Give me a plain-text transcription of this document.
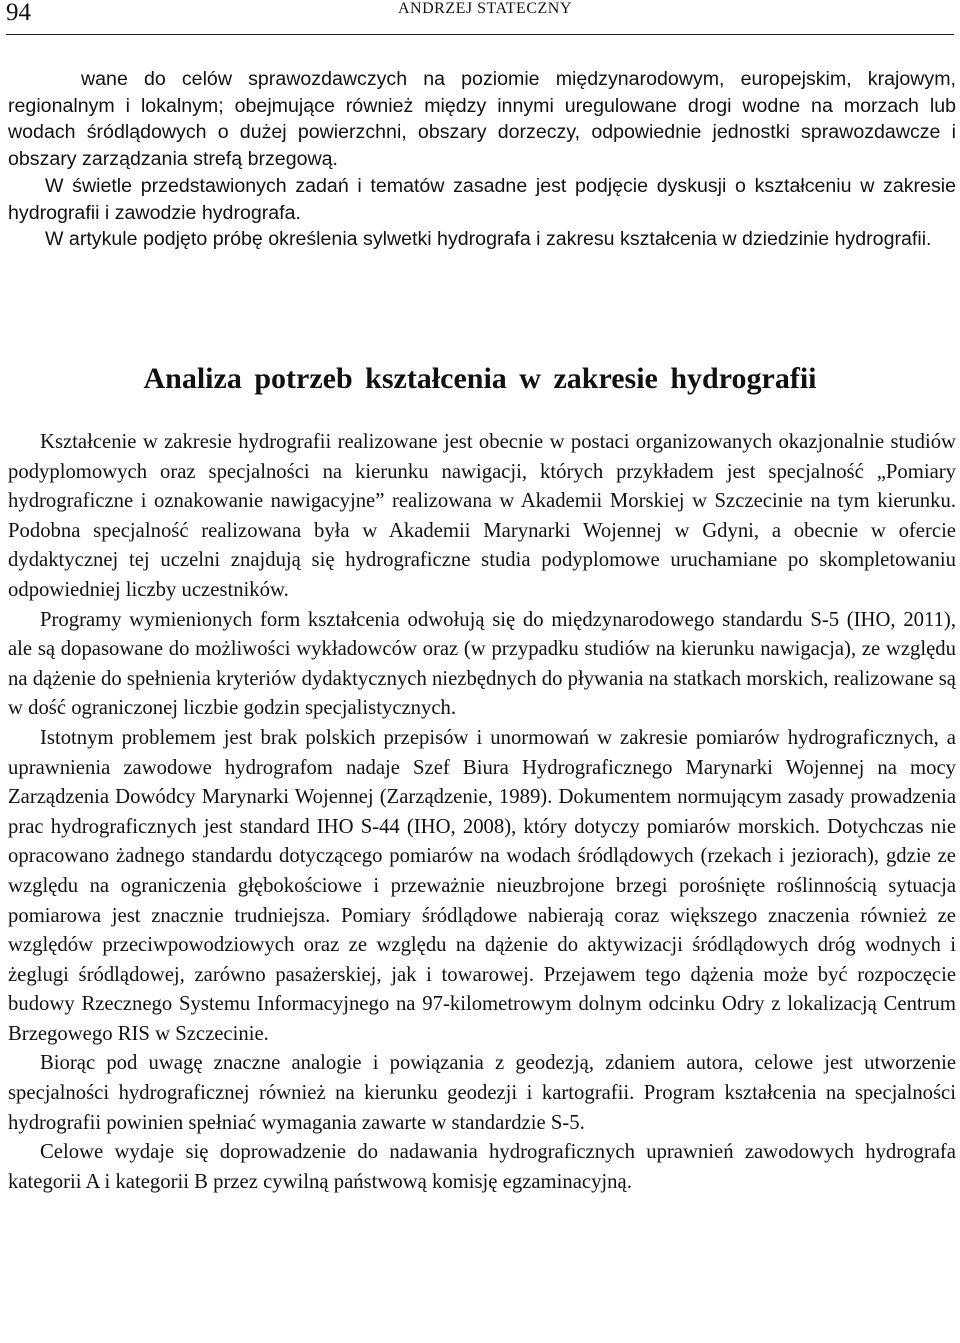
94	ANDRZEJ STATECZNY

wane do celów sprawozdawczych na poziomie międzynarodowym, europejskim, krajowym, regionalnym i lokalnym; obejmujące również między innymi uregulowane drogi wodne na morzach lub wodach śródlądowych o dużej powierzchni, obszary dorzeczy, odpowiednie jednostki sprawozdawcze i obszary zarządzania strefą brzegową.

W świetle przedstawionych zadań i tematów zasadne jest podjęcie dyskusji o kształceniu w zakresie hydrografii i zawodzie hydrografa.

W artykule podjęto próbę określenia sylwetki hydrografa i zakresu kształcenia w dziedzinie hydrografii.

Analiza potrzeb kształcenia w zakresie hydrografii

Kształcenie w zakresie hydrografii realizowane jest obecnie w postaci organizowanych okazjonalnie studiów podyplomowych oraz specjalności na kierunku nawigacji, których przykładem jest specjalność „Pomiary hydrograficzne i oznakowanie nawigacyjne” realizowana w Akademii Morskiej w Szczecinie na tym kierunku. Podobna specjalność realizowana była w Akademii Marynarki Wojennej w Gdyni, a obecnie w ofercie dydaktycznej tej uczelni znajdują się hydrograficzne studia podyplomowe uruchamiane po skompletowaniu odpowiedniej liczby uczestników.

Programy wymienionych form kształcenia odwołują się do międzynarodowego standardu S-5 (IHO, 2011), ale są dopasowane do możliwości wykładowców oraz (w przypadku studiów na kierunku nawigacja), ze względu na dążenie do spełnienia kryteriów dydaktycznych niezbędnych do pływania na statkach morskich, realizowane są w dość ograniczonej liczbie godzin specjalistycznych.

Istotnym problemem jest brak polskich przepisów i unormowań w zakresie pomiarów hydrograficznych, a uprawnienia zawodowe hydrografom nadaje Szef Biura Hydrograficznego Marynarki Wojennej na mocy Zarządzenia Dowódcy Marynarki Wojennej (Zarządzenie, 1989). Dokumentem normującym zasady prowadzenia prac hydrograficznych jest standard IHO S-44 (IHO, 2008), który dotyczy pomiarów morskich. Dotychczas nie opracowano żadnego standardu dotyczącego pomiarów na wodach śródlądowych (rzekach i jeziorach), gdzie ze względu na ograniczenia głębokościowe i przeważnie nieuzbrojone brzegi porośnięte roślinnością sytuacja pomiarowa jest znacznie trudniejsza. Pomiary śródlądowe nabierają coraz większego znaczenia również ze względów przeciwpowodziowych oraz ze względu na dążenie do aktywizacji śródlądowych dróg wodnych i żeglugi śródlądowej, zarówno pasażerskiej, jak i towarowej. Przejawem tego dążenia może być rozpoczęcie budowy Rzecznego Systemu Informacyjnego na 97-kilometrowym dolnym odcinku Odry z lokalizacją Centrum Brzegowego RIS w Szczecinie.

Biorąc pod uwagę znaczne analogie i powiązania z geodezją, zdaniem autora, celowe jest utworzenie specjalności hydrograficznej również na kierunku geodezji i kartografii. Program kształcenia na specjalności hydrografii powinien spełniać wymagania zawarte w standardzie S-5.

Celowe wydaje się doprowadzenie do nadawania hydrograficznych uprawnień zawodowych hydrografa kategorii A i kategorii B przez cywilną państwową komisję egzaminacyjną.
